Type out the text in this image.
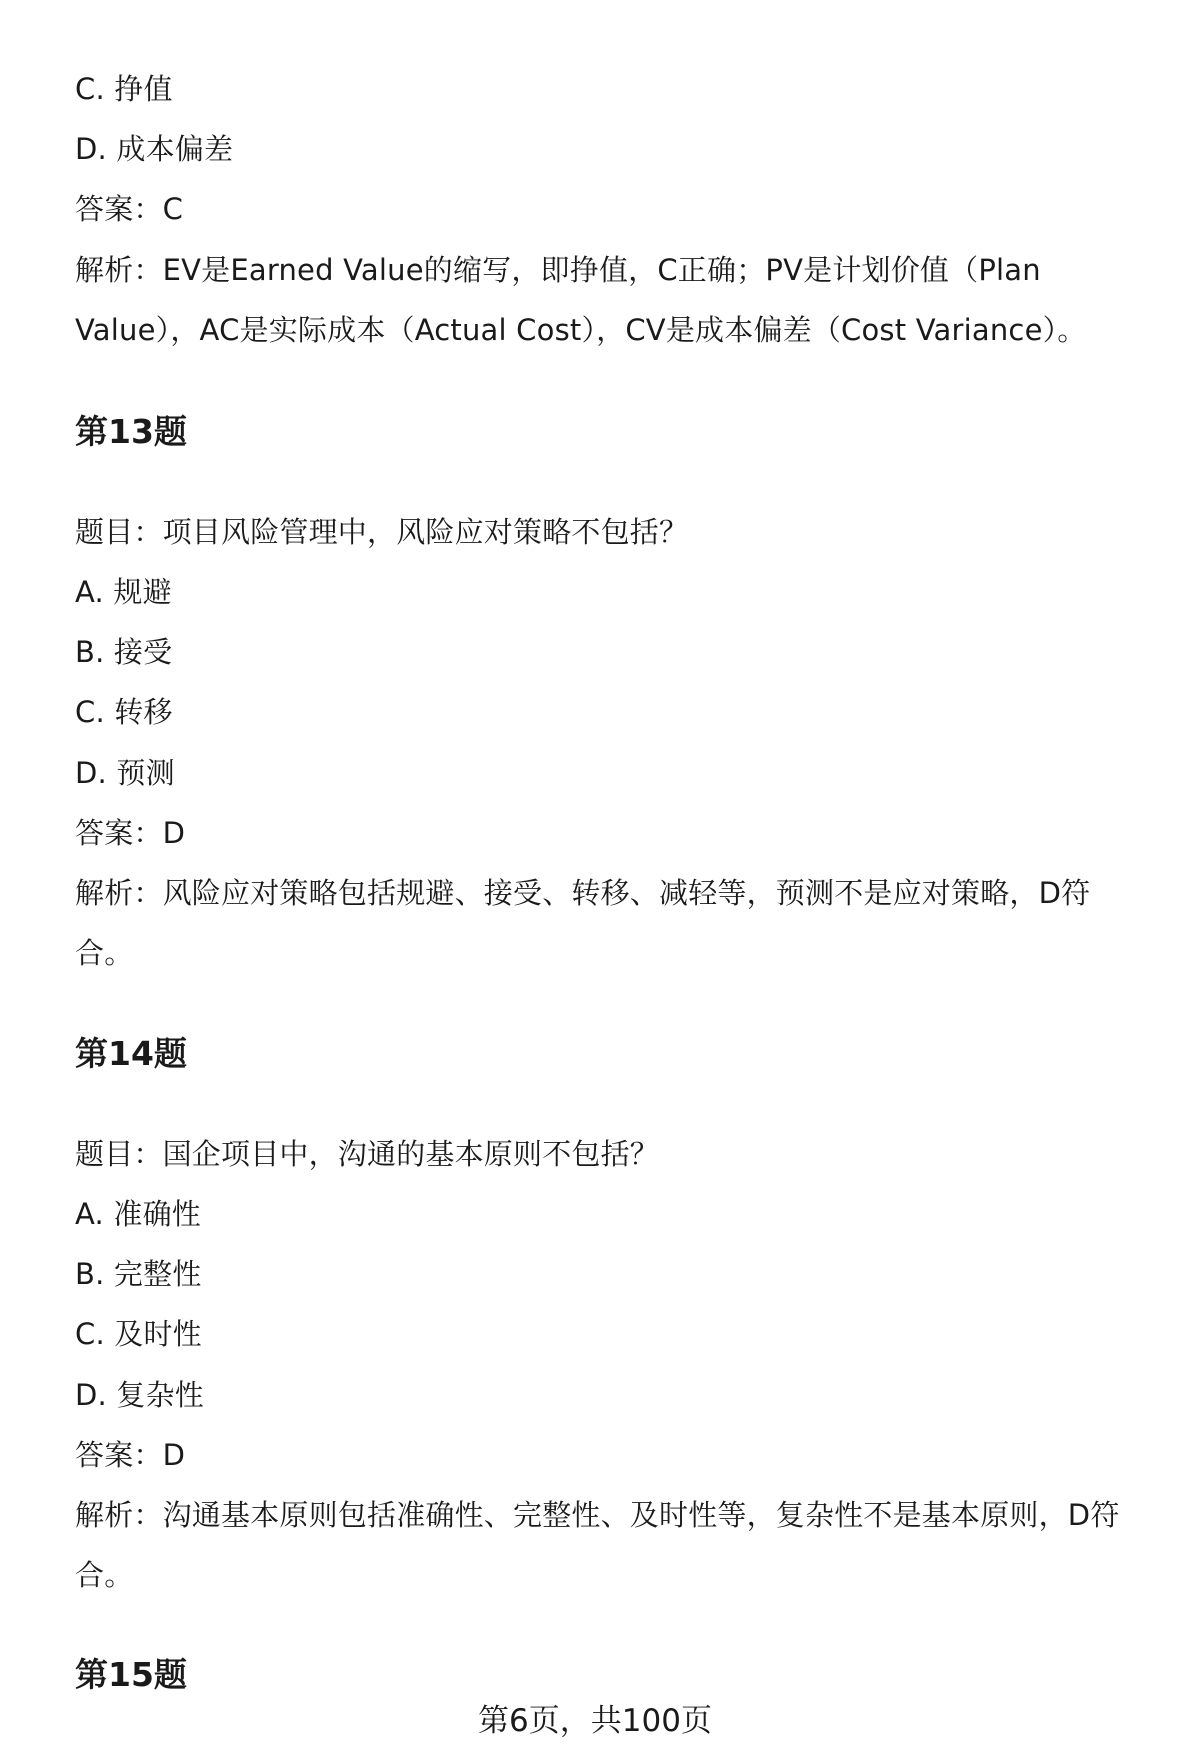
C. 挣值
D. 成本偏差
答案：C
解析：EV是Earned Value的缩写，即挣值，C正确；PV是计划价值（Plan
Value），AC是实际成本（Actual Cost），CV是成本偏差（Cost Variance）。
第13题
题目：项目风险管理中，风险应对策略不包括？
A. 规避
B. 接受
C. 转移
D. 预测
答案：D
解析：风险应对策略包括规避、接受、转移、减轻等，预测不是应对策略，D符
合。
第14题
题目：国企项目中，沟通的基本原则不包括？
A. 准确性
B. 完整性
C. 及时性
D. 复杂性
答案：D
解析：沟通基本原则包括准确性、完整性、及时性等，复杂性不是基本原则，D符
合。
第15题
第6页，共100页
